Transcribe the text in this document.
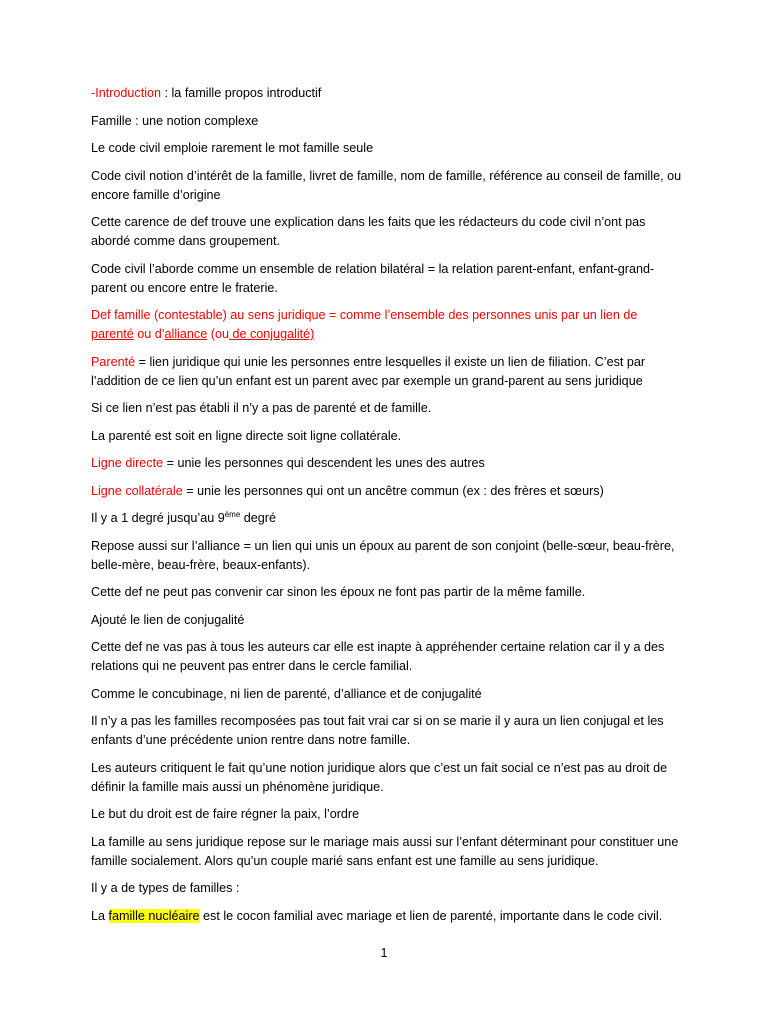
-Introduction : la famille propos introductif

Famille : une notion complexe

Le code civil emploie rarement le mot famille seule

Code civil notion d’intérêt de la famille, livret de famille, nom de famille, référence au conseil de famille, ou encore famille d’origine

Cette carence de def trouve une explication dans les faits que les rédacteurs du code civil n’ont pas abordé comme dans groupement.

Code civil l’aborde comme un ensemble de relation bilatéral = la relation parent-enfant, enfant-grand-parent ou encore entre le fraterie.

Def famille (contestable) au sens juridique = comme l’ensemble des personnes unis par un lien de parenté ou d’alliance (ou de conjugalité)

Parenté = lien juridique qui unie les personnes entre lesquelles il existe un lien de filiation. C’est par l’addition de ce lien qu’un enfant est un parent avec par exemple un grand-parent au sens juridique

Si ce lien n’est pas établi il n’y a pas de parenté et de famille.

La parenté est soit en ligne directe soit ligne collatérale.

Ligne directe = unie les personnes qui descendent les unes des autres

Ligne collatérale = unie les personnes qui ont un ancêtre commun (ex : des frères et sœurs)

Il y a 1 degré jusqu’au 9ème degré

Repose aussi sur l’alliance = un lien qui unis un époux au parent de son conjoint (belle-sœur, beau-frère, belle-mère, beau-frère, beaux-enfants).

Cette def ne peut pas convenir car sinon les époux ne font pas partir de la même famille.

Ajouté le lien de conjugalité

Cette def ne vas pas à tous les auteurs car elle est inapte à appréhender certaine relation car il y a des relations qui ne peuvent pas entrer dans le cercle familial.

Comme le concubinage, ni lien de parenté, d’alliance et de conjugalité

Il n’y a pas les familles recomposées pas tout fait vrai car si on se marie il y aura un lien conjugal et les enfants d’une précédente union rentre dans notre famille.

Les auteurs critiquent le fait qu’une notion juridique alors que c’est un fait social ce n’est pas au droit de définir la famille mais aussi un phénomène juridique.

Le but du droit est de faire régner la paix, l’ordre

La famille au sens juridique repose sur le mariage mais aussi sur l’enfant déterminant pour constituer une famille socialement. Alors qu’un couple marié sans enfant est une famille au sens juridique.

Il y a de types de familles :

La famille nucléaire est le cocon familial avec mariage et lien de parenté, importante dans le code civil.

1
